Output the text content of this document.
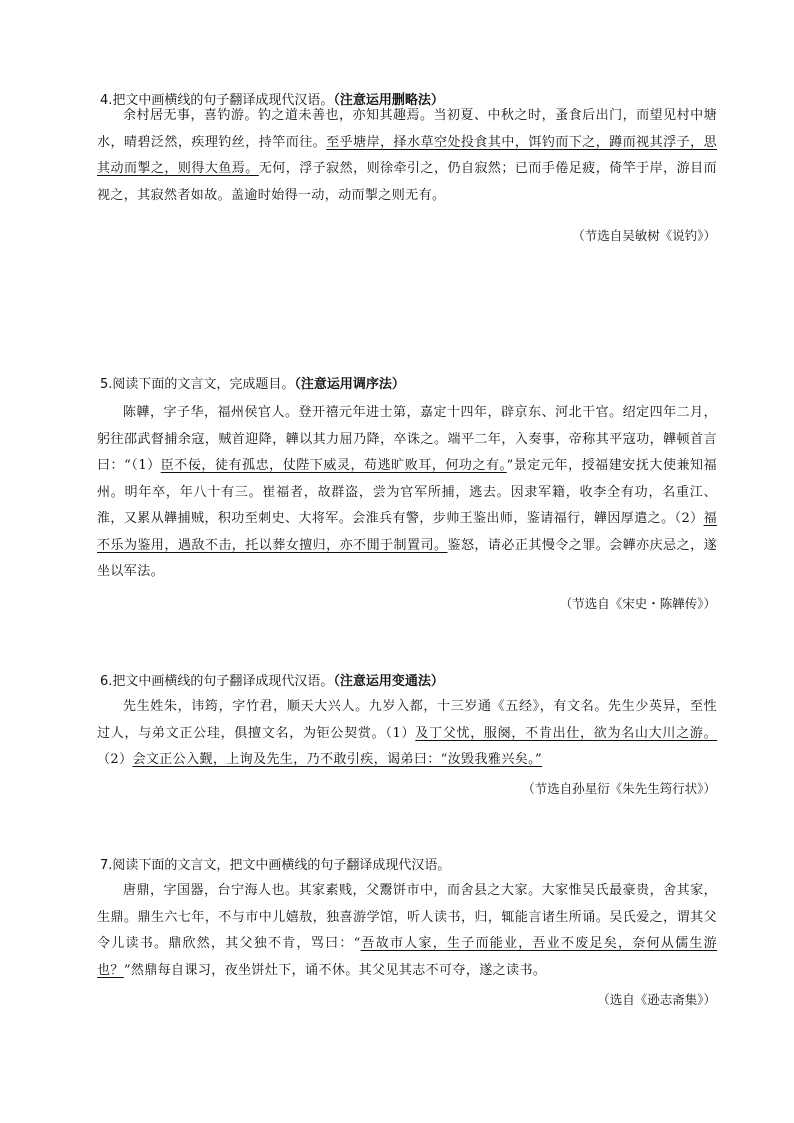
4.把文中画横线的句子翻译成现代汉语。（注意运用删略法）

余村居无事，喜钓游。钓之道未善也，亦知其趣焉。当初夏、中秋之时，蚤食后出门，而望见村中塘水，晴碧泛然，疾理钓丝，持竿而往。至乎塘岸，择水草空处投食其中，饵钓而下之，蹲而视其浮子，思其动而掣之，则得大鱼焉。无何，浮子寂然，则徐牵引之，仍自寂然；已而手倦足疲，倚竿于岸，游目而视之，其寂然者如故。盖逾时始得一动，动而掣之则无有。

（节选自吴敏树《说钓》）
5.阅读下面的文言文，完成题目。（注意运用调序法）

陈韡，字子华，福州侯官人。登开禧元年进士第，嘉定十四年，辟京东、河北干官。绍定四年二月，躬往邵武督捕余寇，贼首迎降，韡以其力屈乃降，卒诛之。端平二年，入奏事，帝称其平寇功，韡顿首言曰：“（1）臣不佞，徒有孤忠，仗陛下威灵，苟逃旷败耳，何功之有。”景定元年，授福建安抚大使兼知福州。明年卒，年八十有三。崔福者，故群盗，尝为官军所捕，逃去。因隶军籍，收李全有功，名重江、淮，又累从韡捕贼，积功至刺史、大将军。会淮兵有警，步帅王鉴出师，鉴请福行，韡因厚遣之。（2）福不乐为鉴用，遇敌不击，托以葬女擅归，亦不閒于制置司。鉴怒，请必正其慢令之罪。会韡亦庆忌之，遂坐以军法。

（节选自《宋史・陈韡传》）
6.把文中画横线的句子翻译成现代汉语。（注意运用变通法）

先生姓朱，讳筠，字竹君，顺天大兴人。九岁入都，十三岁通《五经》，有文名。先生少英异，至性过人，与弟文正公珪，俱擅文名，为钜公契赏。（1）及丁父忧，服阕，不肯出仕，欲为名山大川之游。（2）会文正公入觐，上询及先生，乃不敢引疾，谒弟曰：“汝毁我雅兴矣。”

（节选自孙星衍《朱先生筠行状》）
7.阅读下面的文言文，把文中画横线的句子翻译成现代汉语。

唐鼎，字国器，台宁海人也。其家素贱，父鬻饼市中，而舍县之大家。大家惟吴氏最豪贵，舍其家，生鼎。鼎生六七年，不与市中儿嬉敖，独喜游学馆，听人读书，归，辄能言诸生所诵。吴氏爱之，谓其父令儿读书。鼎欣然，其父独不肯，骂曰：“吾故市人家，生子而能业，吾业不废足矣，奈何从儒生游也？”然鼎每自课习，夜坐饼灶下，诵不休。其父见其志不可夺，遂之读书。

（选自《逊志斋集》）
